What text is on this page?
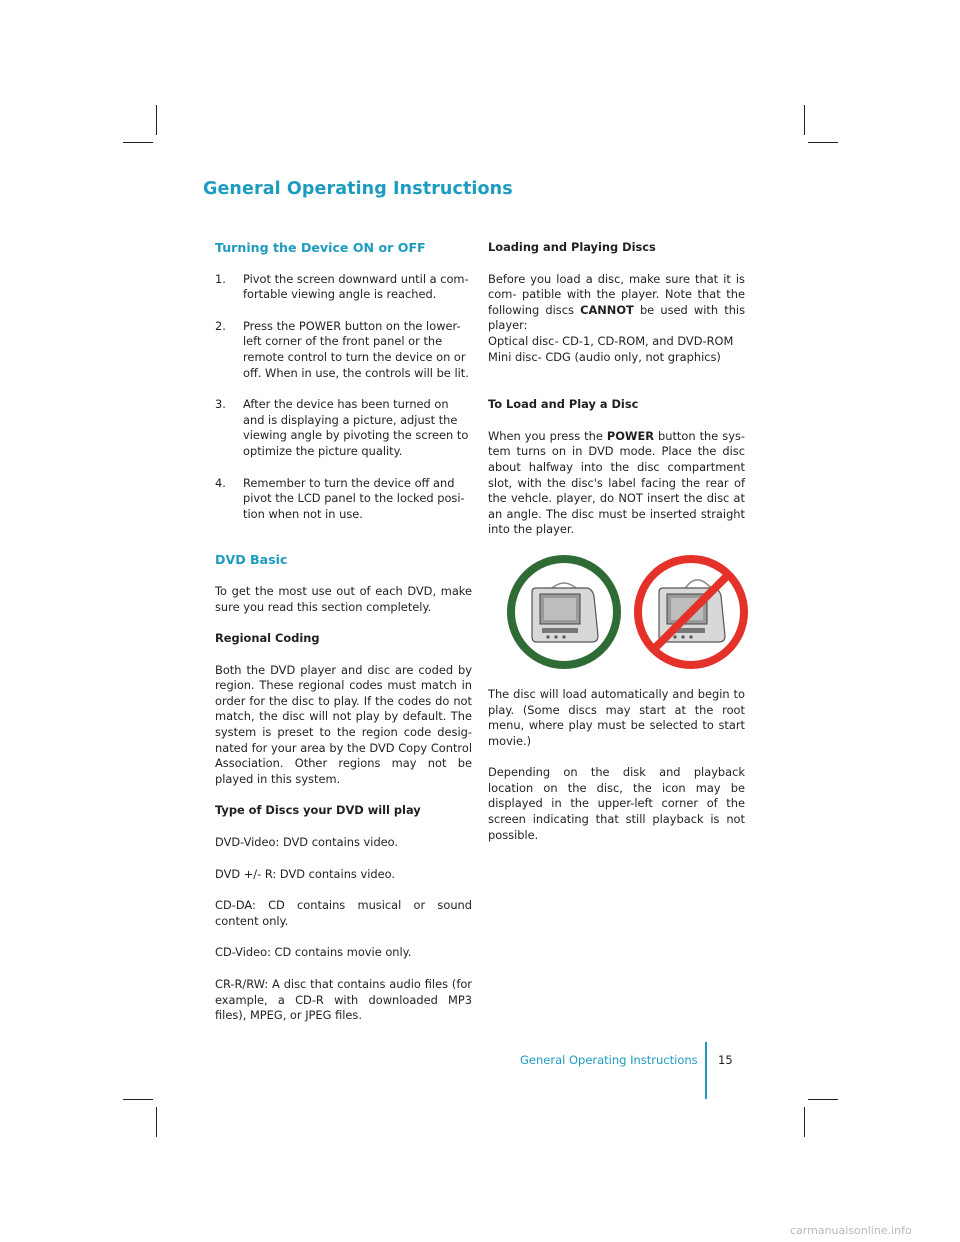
General Operating Instructions
Turning the Device ON or OFF
1. Pivot the screen downward until a com- fortable viewing angle is reached.
2. Press the POWER button on the lower-left corner of the front panel or the remote control to turn the device on or off. When in use, the controls will be lit.
3. After the device has been turned on and is displaying a picture, adjust the viewing angle by pivoting the screen to optimize the picture quality.
4. Remember to turn the device off and pivot the LCD panel to the locked posi- tion when not in use.
DVD Basic

To get the most use out of each DVD, make sure you read this section completely.

Regional Coding

Both the DVD player and disc are coded by region. These regional codes must match in order for the disc to play. If the codes do not match, the disc will not play by default. The system is preset to the region code desig- nated for your area by the DVD Copy Control Association. Other regions may not be played in this system.

Type of Discs your DVD will play

DVD-Video: DVD contains video.

DVD +/- R: DVD contains video.

CD-DA: CD contains musical or sound content only.

CD-Video: CD contains movie only.

CR-R/RW: A disc that contains audio files (for example, a CD-R with downloaded MP3 files), MPEG, or JPEG files.

Loading and Playing Discs

Before you load a disc, make sure that it is com- patible with the player. Note that the following discs CANNOT be used with this player:

Optical disc- CD-1, CD-ROM, and DVD-ROM

Mini disc- CDG (audio only, not graphics)

To Load and Play a Disc

When you press the POWER button the sys- tem turns on in DVD mode. Place the disc about halfway into the disc compartment slot, with the disc's label facing the rear of the vehcle. player, do NOT insert the disc at an angle. The disc must be inserted straight into the player.

The disc will load automatically and begin to play. (Some discs may start at the root menu, where play must be selected to start movie.)

Depending on the disk and playback location on the disc, the icon may be displayed in the upper-left corner of the screen indicating that still playback is not possible.

General Operating Instructions 15
carmanualsonline.info
